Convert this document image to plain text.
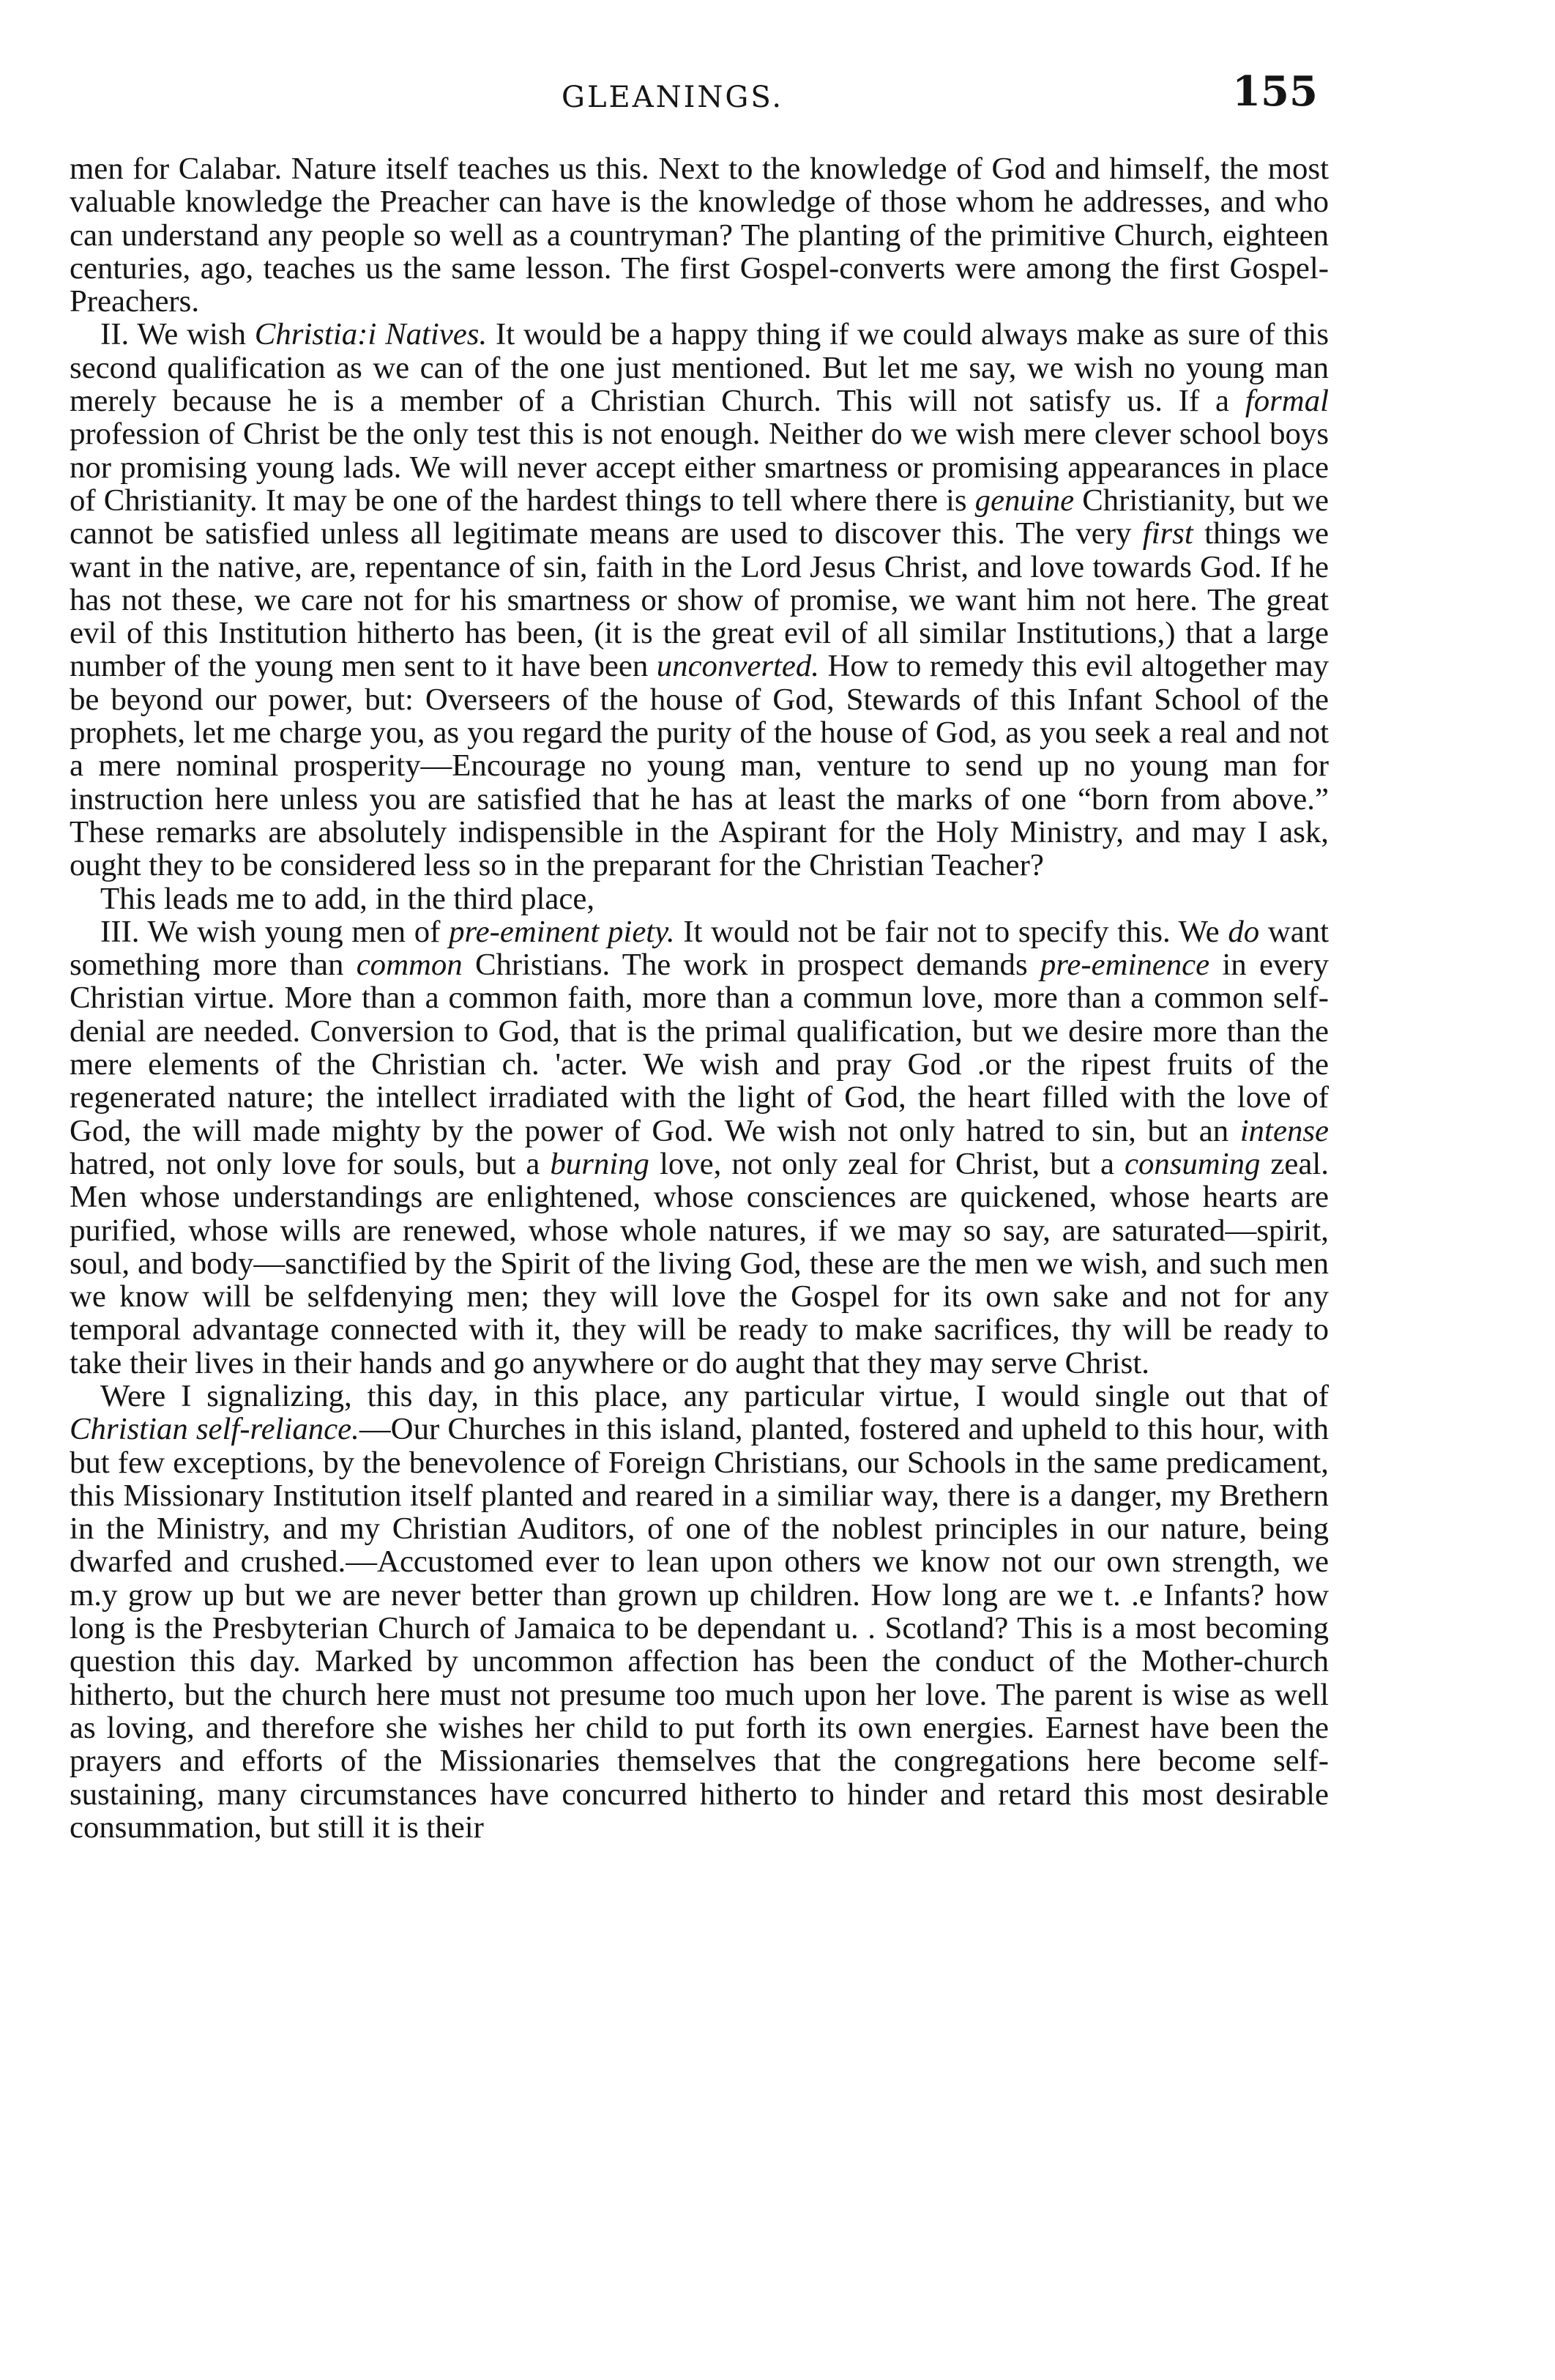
GLEANINGS.	155

men for Calabar. Nature itself teaches us this. Next to the knowledge of God and himself, the most valuable knowledge the Preacher can have is the knowledge of those whom he addresses, and who can understand any people so well as a countryman? The planting of the primitive Church, eighteen centuries, ago, teaches us the same lesson. The first Gospel-converts were among the first Gospel-Preachers.

II. We wish Christia:i Natives. It would be a happy thing if we could always make as sure of this second qualification as we can of the one just mentioned. But let me say, we wish no young man merely because he is a member of a Christian Church. This will not satisfy us. If a formal profession of Christ be the only test this is not enough. Neither do we wish mere clever school boys nor promising young lads. We will never accept either smartness or promising appearances in place of Christianity. It may be one of the hardest things to tell where there is genuine Christianity, but we cannot be satisfied unless all legitimate means are used to discover this. The very first things we want in the native, are, repentance of sin, faith in the Lord Jesus Christ, and love towards God. If he has not these, we care not for his smartness or show of promise, we want him not here. The great evil of this Institution hitherto has been, (it is the great evil of all similar Institutions,) that a large number of the young men sent to it have been unconverted. How to remedy this evil altogether may be beyond our power, but: Overseers of the house of God, Stewards of this Infant School of the prophets, let me charge you, as you regard the purity of the house of God, as you seek a real and not a mere nominal prosperity—Encourage no young man, venture to send up no young man for instruction here unless you are satisfied that he has at least the marks of one “born from above.” These remarks are absolutely indispensible in the Aspirant for the Holy Ministry, and may I ask, ought they to be considered less so in the preparant for the Christian Teacher?

This leads me to add, in the third place,

III. We wish young men of pre-eminent piety. It would not be fair not to specify this. We do want something more than common Christians. The work in prospect demands pre-eminence in every Christian virtue. More than a common faith, more than a commun love, more than a common self-denial are needed. Conversion to God, that is the primal qualification, but we desire more than the mere elements of the Christian ch. 'acter. We wish and pray God .or the ripest fruits of the regenerated nature; the intellect irradiated with the light of God, the heart filled with the love of God, the will made mighty by the power of God. We wish not only hatred to sin, but an intense hatred, not only love for souls, but a burning love, not only zeal for Christ, but a consuming zeal. Men whose understandings are enlightened, whose consciences are quickened, whose hearts are purified, whose wills are renewed, whose whole natures, if we may so say, are saturated—spirit, soul, and body—sanctified by the Spirit of the living God, these are the men we wish, and such men we know will be selfdenying men; they will love the Gospel for its own sake and not for any temporal advantage connected with it, they will be ready to make sacrifices, thy will be ready to take their lives in their hands and go anywhere or do aught that they may serve Christ.

Were I signalizing, this day, in this place, any particular virtue, I would single out that of Christian self-reliance.—Our Churches in this island, planted, fostered and upheld to this hour, with but few exceptions, by the benevolence of Foreign Christians, our Schools in the same predicament, this Missionary Institution itself planted and reared in a similiar way, there is a danger, my Brethern in the Ministry, and my Christian Auditors, of one of the noblest principles in our nature, being dwarfed and crushed.—Accustomed ever to lean upon others we know not our own strength, we m.y grow up but we are never better than grown up children. How long are we t. .e Infants? how long is the Presbyterian Church of Jamaica to be dependant u. . Scotland? This is a most becoming question this day. Marked by uncommon affection has been the conduct of the Mother-church hitherto, but the church here must not presume too much upon her love. The parent is wise as well as loving, and therefore she wishes her child to put forth its own energies. Earnest have been the prayers and efforts of the Missionaries themselves that the congregations here become self-sustaining, many circumstances have concurred hitherto to hinder and retard this most desirable consummation, but still it is their
